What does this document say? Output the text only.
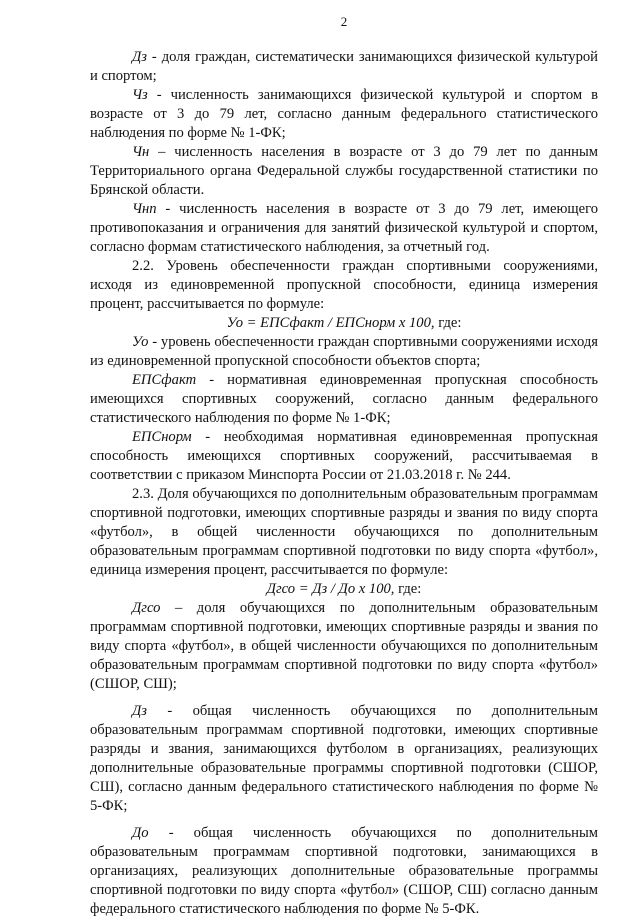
2

Дз - доля граждан, систематически занимающихся физической культурой и спортом;

Чз - численность занимающихся физической культурой и спортом в возрасте от 3 до 79 лет, согласно данным федерального статистического наблюдения по форме № 1-ФК;

Чн – численность населения в возрасте от 3 до 79 лет по данным Территориального органа Федеральной службы государственной статистики по Брянской области.

Чнп - численность населения в возрасте от 3 до 79 лет, имеющего противопоказания и ограничения для занятий физической культурой и спортом, согласно формам статистического наблюдения, за отчетный год.

2.2. Уровень обеспеченности граждан спортивными сооружениями, исходя из единовременной пропускной способности, единица измерения процент, рассчитывается по формуле:

Уо = ЕПСфакт / ЕПСнорм х 100, где:

Уо - уровень обеспеченности граждан спортивными сооружениями исходя из единовременной пропускной способности объектов спорта;

ЕПСфакт - нормативная единовременная пропускная способность имеющихся спортивных сооружений, согласно данным федерального статистического наблюдения по форме № 1-ФК;

ЕПСнорм - необходимая нормативная единовременная пропускная способность имеющихся спортивных сооружений, рассчитываемая в соответствии с приказом Минспорта России от 21.03.2018 г. № 244.

2.3. Доля обучающихся по дополнительным образовательным программам спортивной подготовки, имеющих спортивные разряды и звания по виду спорта «футбол», в общей численности обучающихся по дополнительным образовательным программам спортивной подготовки по виду спорта «футбол», единица измерения процент, рассчитывается по формуле:

Дгсо = Дз / До х 100, где:

Дгсо – доля обучающихся по дополнительным образовательным программам спортивной подготовки, имеющих спортивные разряды и звания по виду спорта «футбол», в общей численности обучающихся по дополнительным образовательным программам спортивной подготовки по виду спорта «футбол» (СШОР, СШ);

Дз - общая численность обучающихся по дополнительным образовательным программам спортивной подготовки, имеющих спортивные разряды и звания, занимающихся футболом в организациях, реализующих дополнительные образовательные программы спортивной подготовки (СШОР, СШ), согласно данным федерального статистического наблюдения по форме № 5-ФК;

До - общая численность обучающихся по дополнительным образовательным программам спортивной подготовки, занимающихся в организациях, реализующих дополнительные образовательные программы спортивной подготовки по виду спорта «футбол» (СШОР, СШ) согласно данным федерального статистического наблюдения по форме № 5-ФК.
